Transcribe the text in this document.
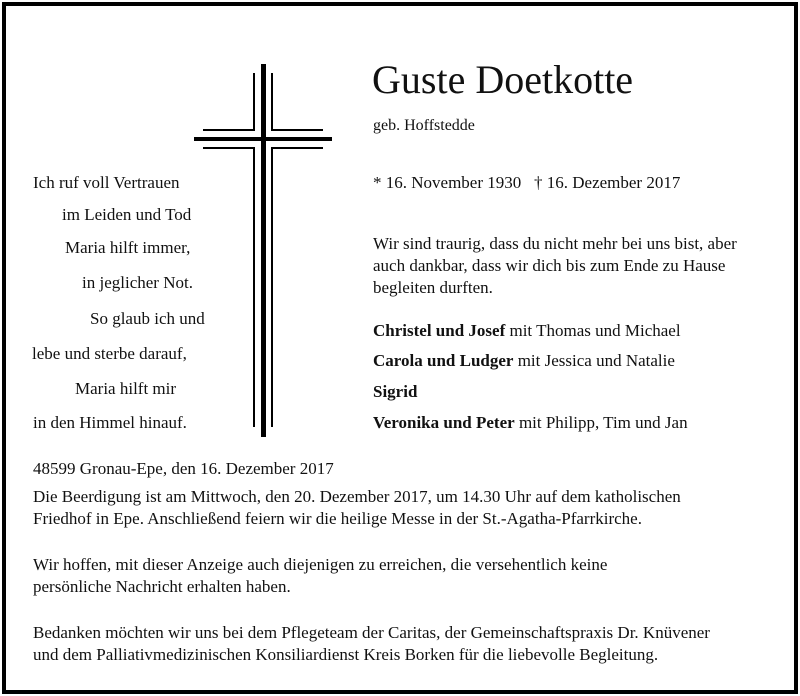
Guste Doetkotte
geb. Hoffstedde
* 16. November 1930   † 16. Dezember 2017
Ich ruf voll Vertrauen
im Leiden und Tod
Maria hilft immer,
in jeglicher Not.
So glaub ich und
lebe und sterbe darauf,
Maria hilft mir
in den Himmel hinauf.
Wir sind traurig, dass du nicht mehr bei uns bist, aber
auch dankbar, dass wir dich bis zum Ende zu Hause
begleiten durften.
Christel und Josef mit Thomas und Michael
Carola und Ludger mit Jessica und Natalie
Sigrid
Veronika und Peter mit Philipp, Tim und Jan
48599 Gronau-Epe, den 16. Dezember 2017
Die Beerdigung ist am Mittwoch, den 20. Dezember 2017, um 14.30 Uhr auf dem katholischen
Friedhof in Epe. Anschließend feiern wir die heilige Messe in der St.-Agatha-Pfarrkirche.
Wir hoffen, mit dieser Anzeige auch diejenigen zu erreichen, die versehentlich keine
persönliche Nachricht erhalten haben.
Bedanken möchten wir uns bei dem Pflegeteam der Caritas, der Gemeinschaftspraxis Dr. Knüvener
und dem Palliativmedizinischen Konsiliardienst Kreis Borken für die liebevolle Begleitung.
